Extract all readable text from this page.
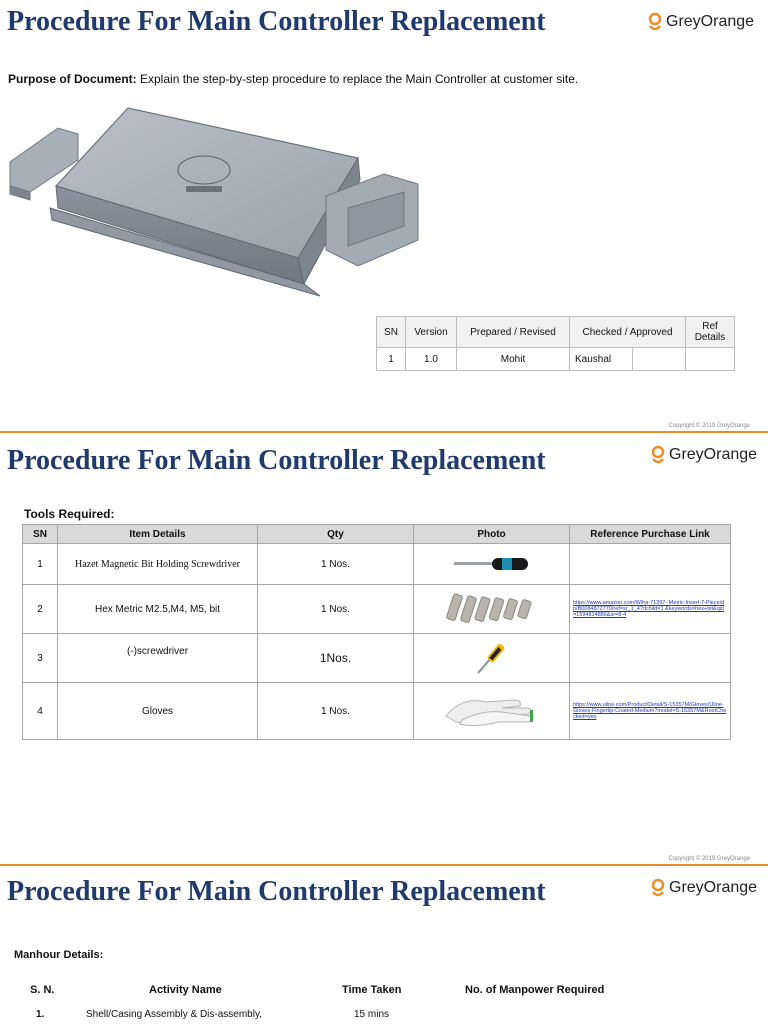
Procedure For Main Controller Replacement	GreyOrange
Purpose of Document: Explain the step-by-step procedure to replace the Main Controller at customer site.
SN	Version	Prepared / Revised	Checked / Approved		Ref Details
1	1.0	Mohit	Kaushal		
Copyright © 2019 GreyOrange
Procedure For Main Controller Replacement	GreyOrange
Tools Required:
SN	Item Details	Qty	Photo	Reference Purchase Link
1	Hazet Magnetic Bit Holding Screwdriver	1 Nos.		
2	Hex Metric M2.5,M4, M5, bit	1 Nos.		https://www.amazon.com/Wiha-71397- Metric-Insert-7-Piece/dp/B0084872770/ref=sr_1_4?dchild=1 &keywords=hex+bit&qid=1594814886&sr=8-4
3	(-)screwdriver	1Nos.		
4	Gloves	1 Nos.		https://www.uline.com/Product/Detail/S-15357M/Gloves/Uline-Gloves-Fingertip-Coated-Medium?model=S-15357M&RootChecked=yes
Copyright © 2019 GreyOrange
Procedure For Main Controller Replacement	GreyOrange
Manhour Details:
S. N.	Activity Name	Time Taken	No. of Manpower Required
1.	Shell/Casing Assembly & Dis-assembly,	15 mins
